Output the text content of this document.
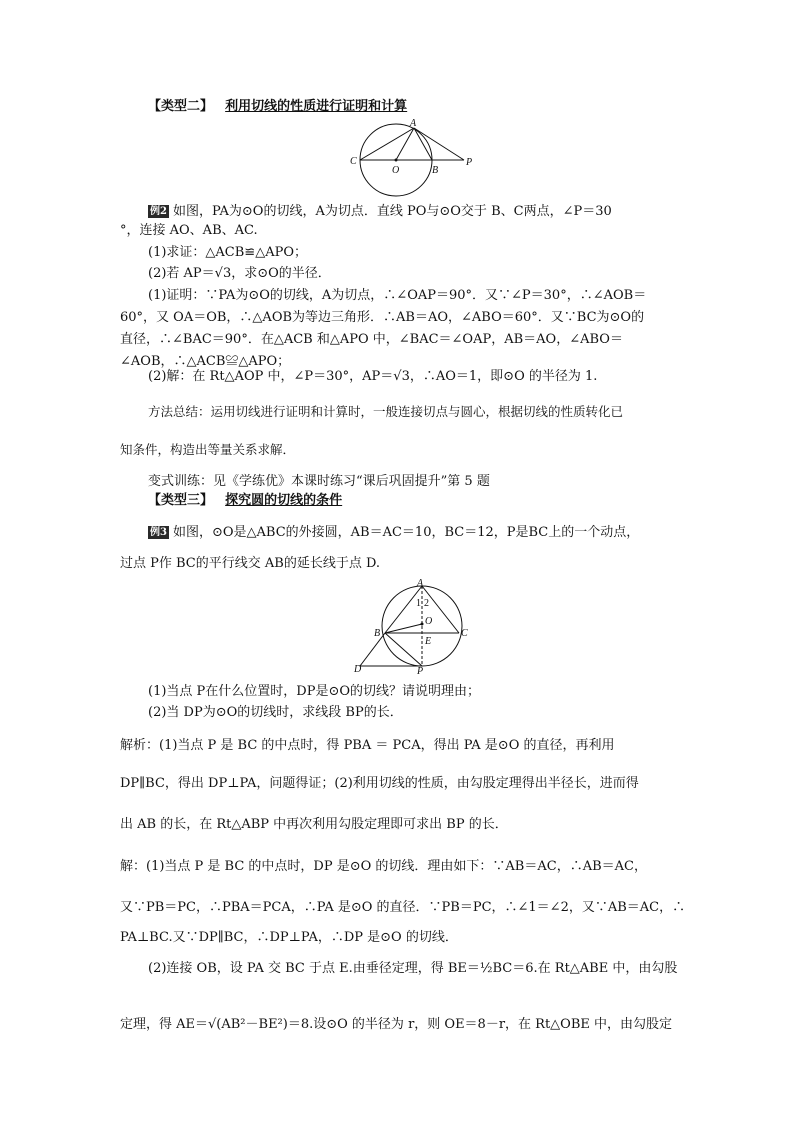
【类型二】 利用切线的性质进行证明和计算
A
C
O	B
P
例2 如图，PA为⊙O的切线，A为切点．直线 PO与⊙O交于 B、C两点，∠P＝30
°，连接 AO、AB、AC.
(1)求证：△ACB≌△APO；
(2)若 AP＝√3，求⊙O的半径．
(1)证明：∵PA为⊙O的切线，A为切点，∴∠OAP＝90°．又∵∠P＝30°，∴∠AOB＝
60°，又 OA＝OB，∴△AOB为等边三角形．∴AB＝AO，∠ABO＝60°．又∵BC为⊙O的
直径，∴∠BAC＝90°．在△ACB 和△APO 中，∠BAC＝∠OAP，AB＝AO，∠ABO＝
∠AOB，∴△ACB≌△APO；
(2)解：在 Rt△AOP 中，∠P＝30°，AP＝√3，∴AO＝1，即⊙O 的半径为 1.
方法总结：运用切线进行证明和计算时，一般连接切点与圆心，根据切线的性质转化已
知条件，构造出等量关系求解．
变式训练：见《学练优》本课时练习“课后巩固提升”第 5 题
【类型三】 探究圆的切线的条件
例3 如图，⊙O是△ABC的外接圆，AB＝AC＝10，BC＝12，P是BC上的一个动点，
过点 P作 BC的平行线交 AB的延长线于点 D.
A
B	C
O
E
D	P
1 2
(1)当点 P在什么位置时，DP是⊙O的切线？请说明理由；
(2)当 DP为⊙O的切线时，求线段 BP的长．
解析：(1)当点 P 是 BC 的中点时，得 PBA ＝ PCA，得出 PA 是⊙O 的直径，再利用
DP∥BC，得出 DP⊥PA，问题得证；(2)利用切线的性质，由勾股定理得出半径长，进而得
出 AB 的长，在 Rt△ABP 中再次利用勾股定理即可求出 BP 的长．
解：(1)当点 P 是 BC 的中点时，DP 是⊙O 的切线．理由如下：∵AB＝AC，∴AB＝AC，
又∵PB＝PC，∴PBA＝PCA，∴PA 是⊙O 的直径．∵PB＝PC，∴∠1＝∠2，又∵AB＝AC，∴
PA⊥BC.又∵DP∥BC，∴DP⊥PA，∴DP 是⊙O 的切线．
(2)连接 OB，设 PA 交 BC 于点 E.由垂径定理，得 BE＝½BC＝6.在 Rt△ABE 中，由勾股
定理，得 AE＝√(AB²－BE²)＝8.设⊙O 的半径为 r，则 OE＝8－r，在 Rt△OBE 中，由勾股定
